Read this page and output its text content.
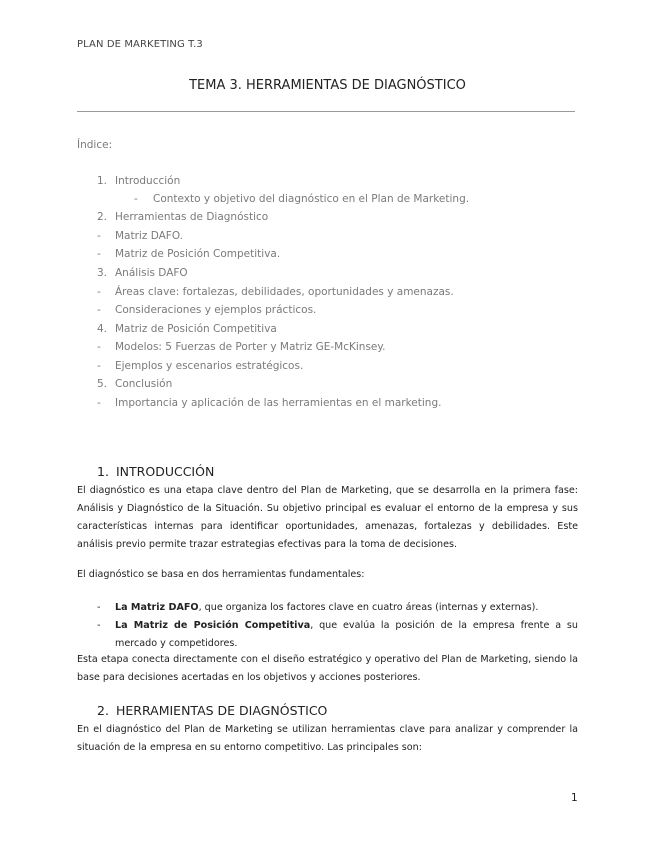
PLAN DE MARKETING T.3
TEMA 3. HERRAMIENTAS DE DIAGNÓSTICO
Índice:
1. Introducción
- Contexto y objetivo del diagnóstico en el Plan de Marketing.
2. Herramientas de Diagnóstico
- Matriz DAFO.
- Matriz de Posición Competitiva.
3. Análisis DAFO
- Áreas clave: fortalezas, debilidades, oportunidades y amenazas.
- Consideraciones y ejemplos prácticos.
4. Matriz de Posición Competitiva
- Modelos: 5 Fuerzas de Porter y Matriz GE-McKinsey.
- Ejemplos y escenarios estratégicos.
5. Conclusión
- Importancia y aplicación de las herramientas en el marketing.
1. INTRODUCCIÓN
El diagnóstico es una etapa clave dentro del Plan de Marketing, que se desarrolla en la primera fase: Análisis y Diagnóstico de la Situación. Su objetivo principal es evaluar el entorno de la empresa y sus características internas para identificar oportunidades, amenazas, fortalezas y debilidades. Este análisis previo permite trazar estrategias efectivas para la toma de decisiones.
El diagnóstico se basa en dos herramientas fundamentales:
- La Matriz DAFO, que organiza los factores clave en cuatro áreas (internas y externas).
- La Matriz de Posición Competitiva, que evalúa la posición de la empresa frente a su mercado y competidores.
Esta etapa conecta directamente con el diseño estratégico y operativo del Plan de Marketing, siendo la base para decisiones acertadas en los objetivos y acciones posteriores.
2. HERRAMIENTAS DE DIAGNÓSTICO
En el diagnóstico del Plan de Marketing se utilizan herramientas clave para analizar y comprender la situación de la empresa en su entorno competitivo. Las principales son:
1
